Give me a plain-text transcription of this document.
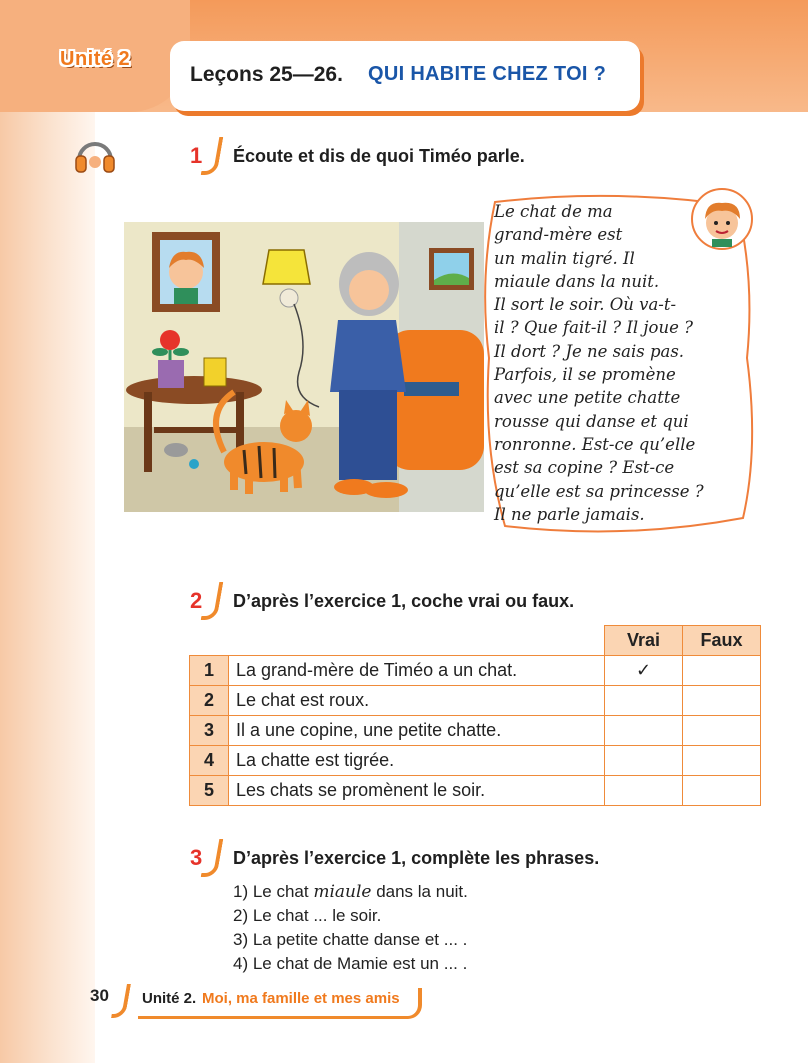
Unité 2
Leçons 25—26. QUI HABITE CHEZ TOI ?
1 Écoute et dis de quoi Timéo parle.
Le chat de ma
grand-mère est
un malin tigré. Il
miaule dans la nuit.
Il sort le soir. Où va-t-
il ? Que fait-il ? Il joue ?
Il dort ? Je ne sais pas.
Parfois, il se promène
avec une petite chatte
rousse qui danse et qui
ronronne. Est-ce qu’elle
est sa copine ? Est-ce
qu’elle est sa princesse ?
Il ne parle jamais.
2 D’après l’exercice 1, coche vrai ou faux.
		Vrai	Faux
1	La grand-mère de Timéo a un chat.	✓	
2	Le chat est roux.		
3	Il a une copine, une petite chatte.		
4	La chatte est tigrée.		
5	Les chats se promènent le soir.		
3 D’après l’exercice 1, complète les phrases.
1) Le chat miaule dans la nuit.
2) Le chat ... le soir.
3) La petite chatte danse et ... .
4) Le chat de Mamie est un ... .
30	Unité 2. Moi, ma famille et mes amis
